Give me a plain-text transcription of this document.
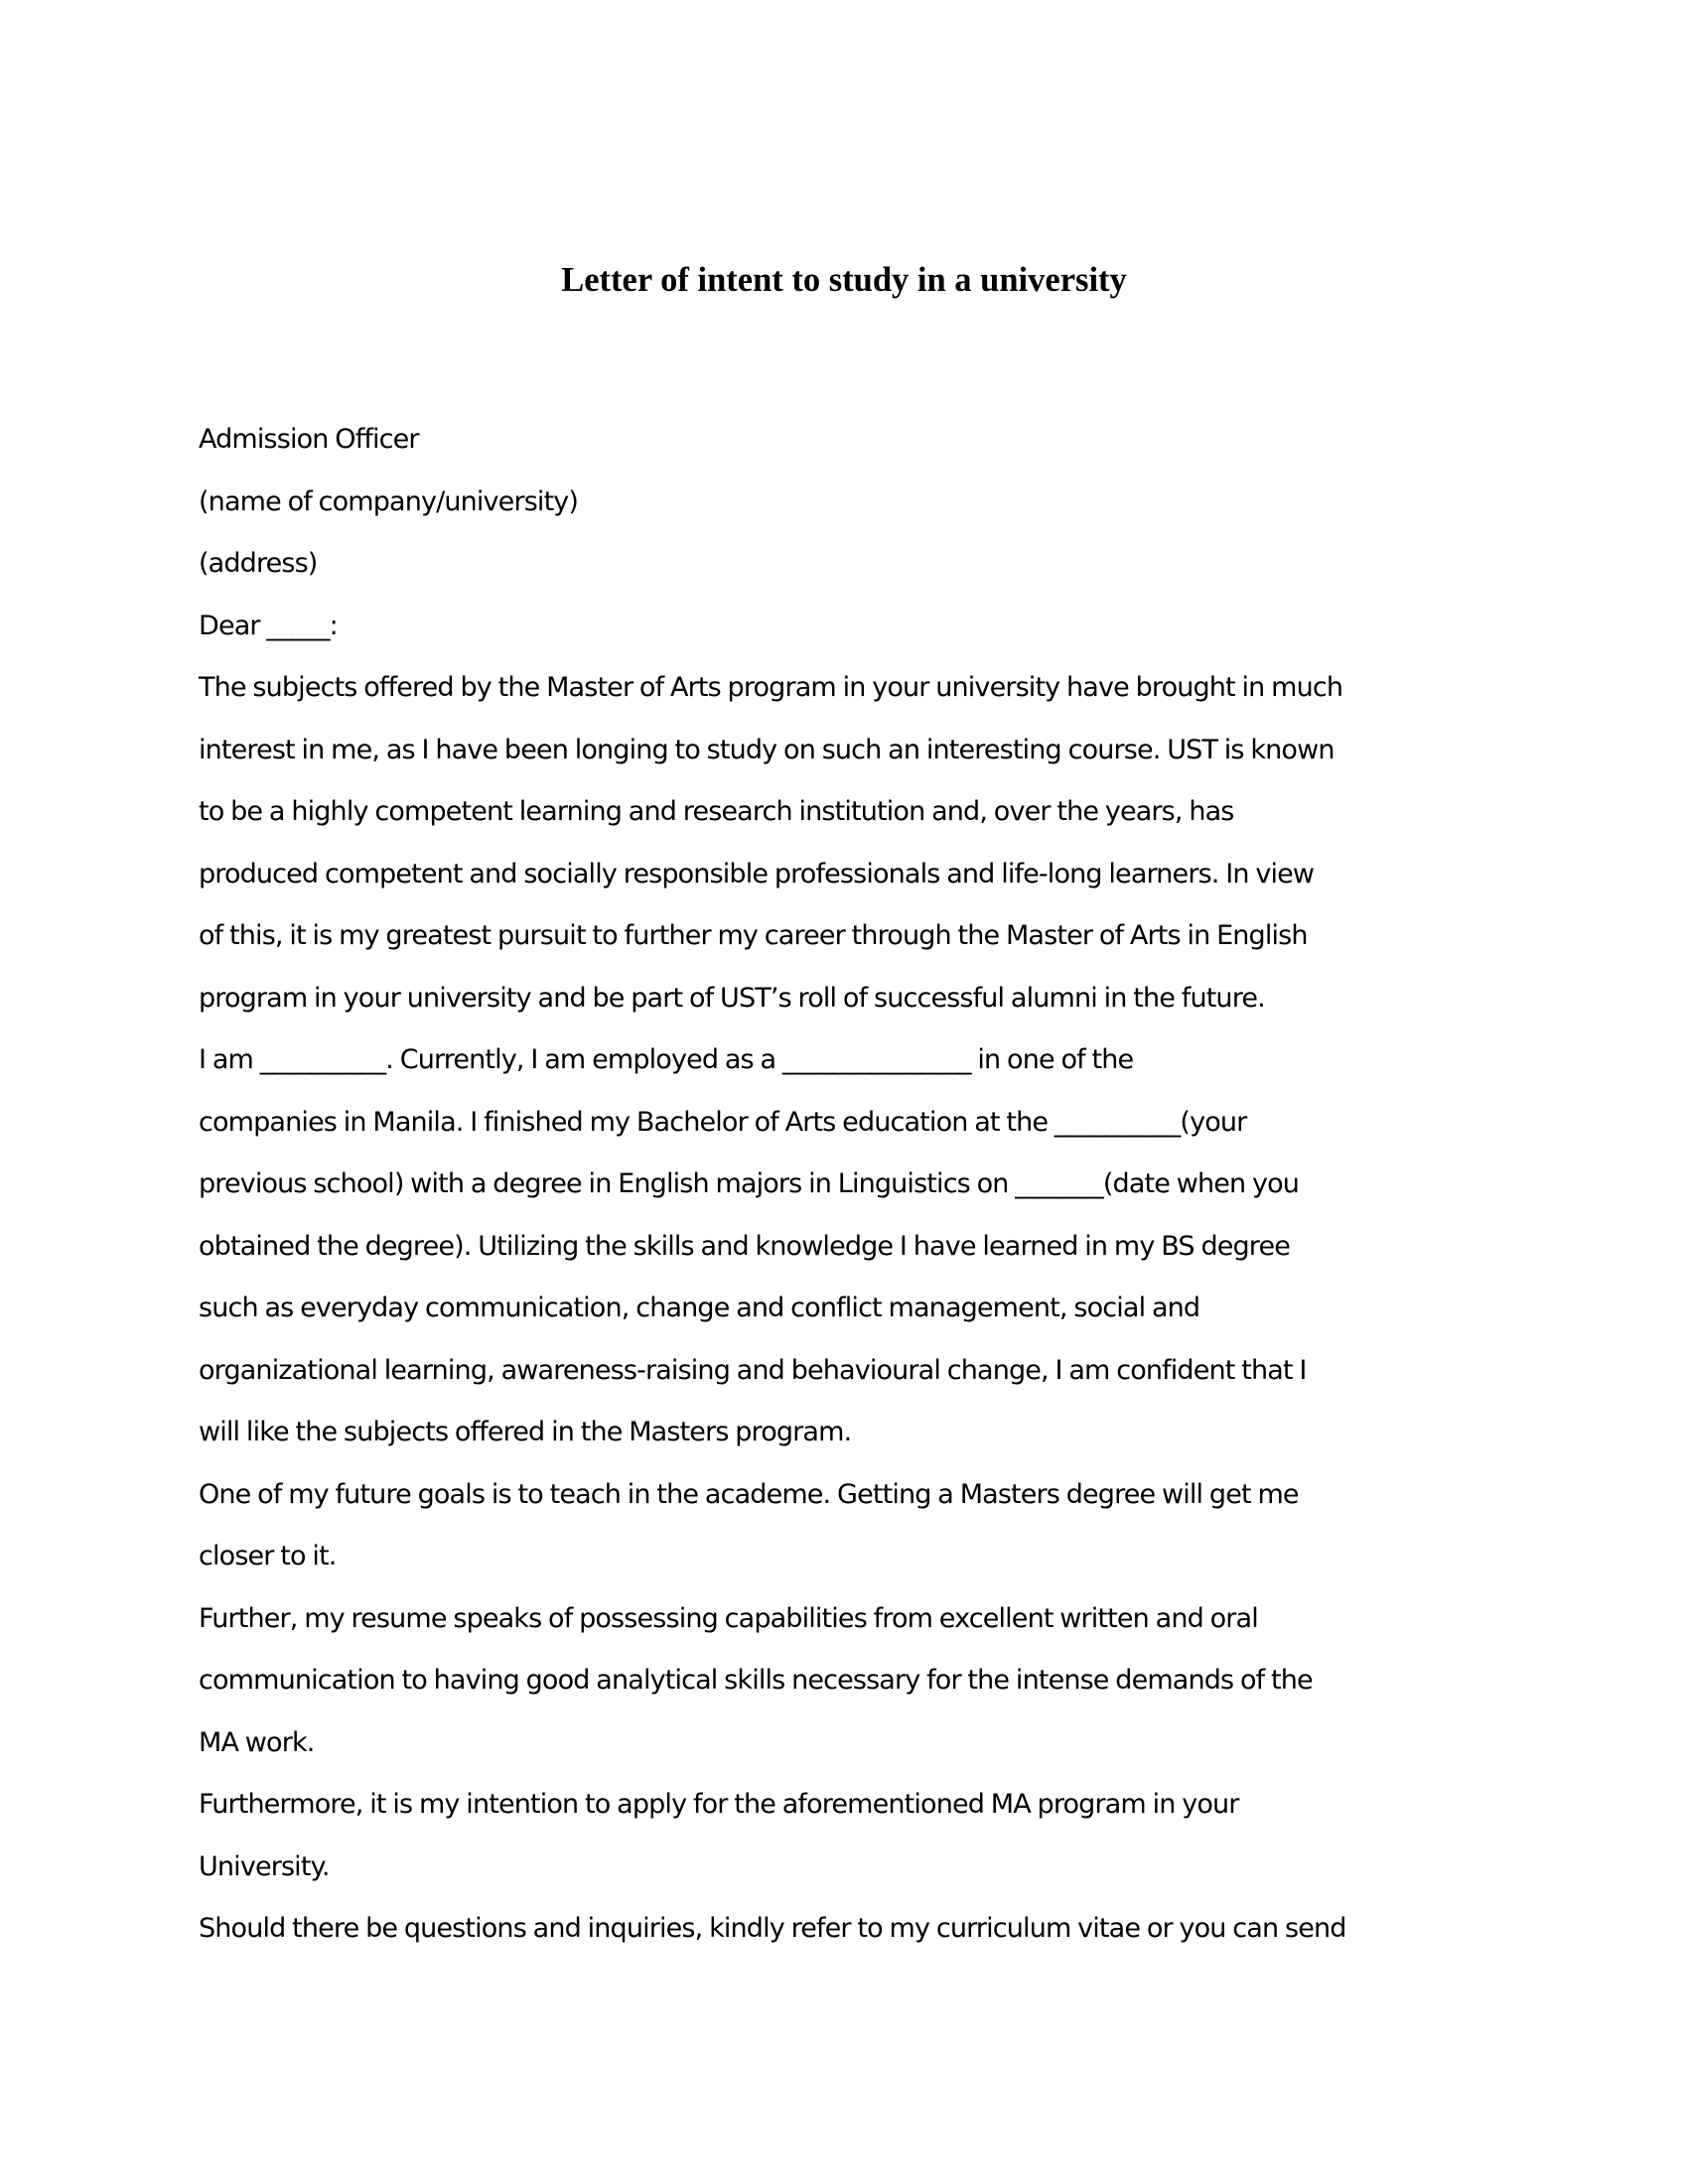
Letter of intent to study in a university
Admission Officer
(name of company/university)
(address)
Dear _____:
The subjects offered by the Master of Arts program in your university have brought in much
interest in me, as I have been longing to study on such an interesting course. UST is known
to be a highly competent learning and research institution and, over the years, has
produced competent and socially responsible professionals and life-long learners. In view
of this, it is my greatest pursuit to further my career through the Master of Arts in English
program in your university and be part of UST’s roll of successful alumni in the future.
I am __________. Currently, I am employed as a _______________ in one of the
companies in Manila. I finished my Bachelor of Arts education at the __________(your
previous school) with a degree in English majors in Linguistics on _______(date when you
obtained the degree). Utilizing the skills and knowledge I have learned in my BS degree
such as everyday communication, change and conflict management, social and
organizational learning, awareness-raising and behavioural change, I am confident that I
will like the subjects offered in the Masters program.
One of my future goals is to teach in the academe. Getting a Masters degree will get me
closer to it.
Further, my resume speaks of possessing capabilities from excellent written and oral
communication to having good analytical skills necessary for the intense demands of the
MA work.
Furthermore, it is my intention to apply for the aforementioned MA program in your
University.
Should there be questions and inquiries, kindly refer to my curriculum vitae or you can send
